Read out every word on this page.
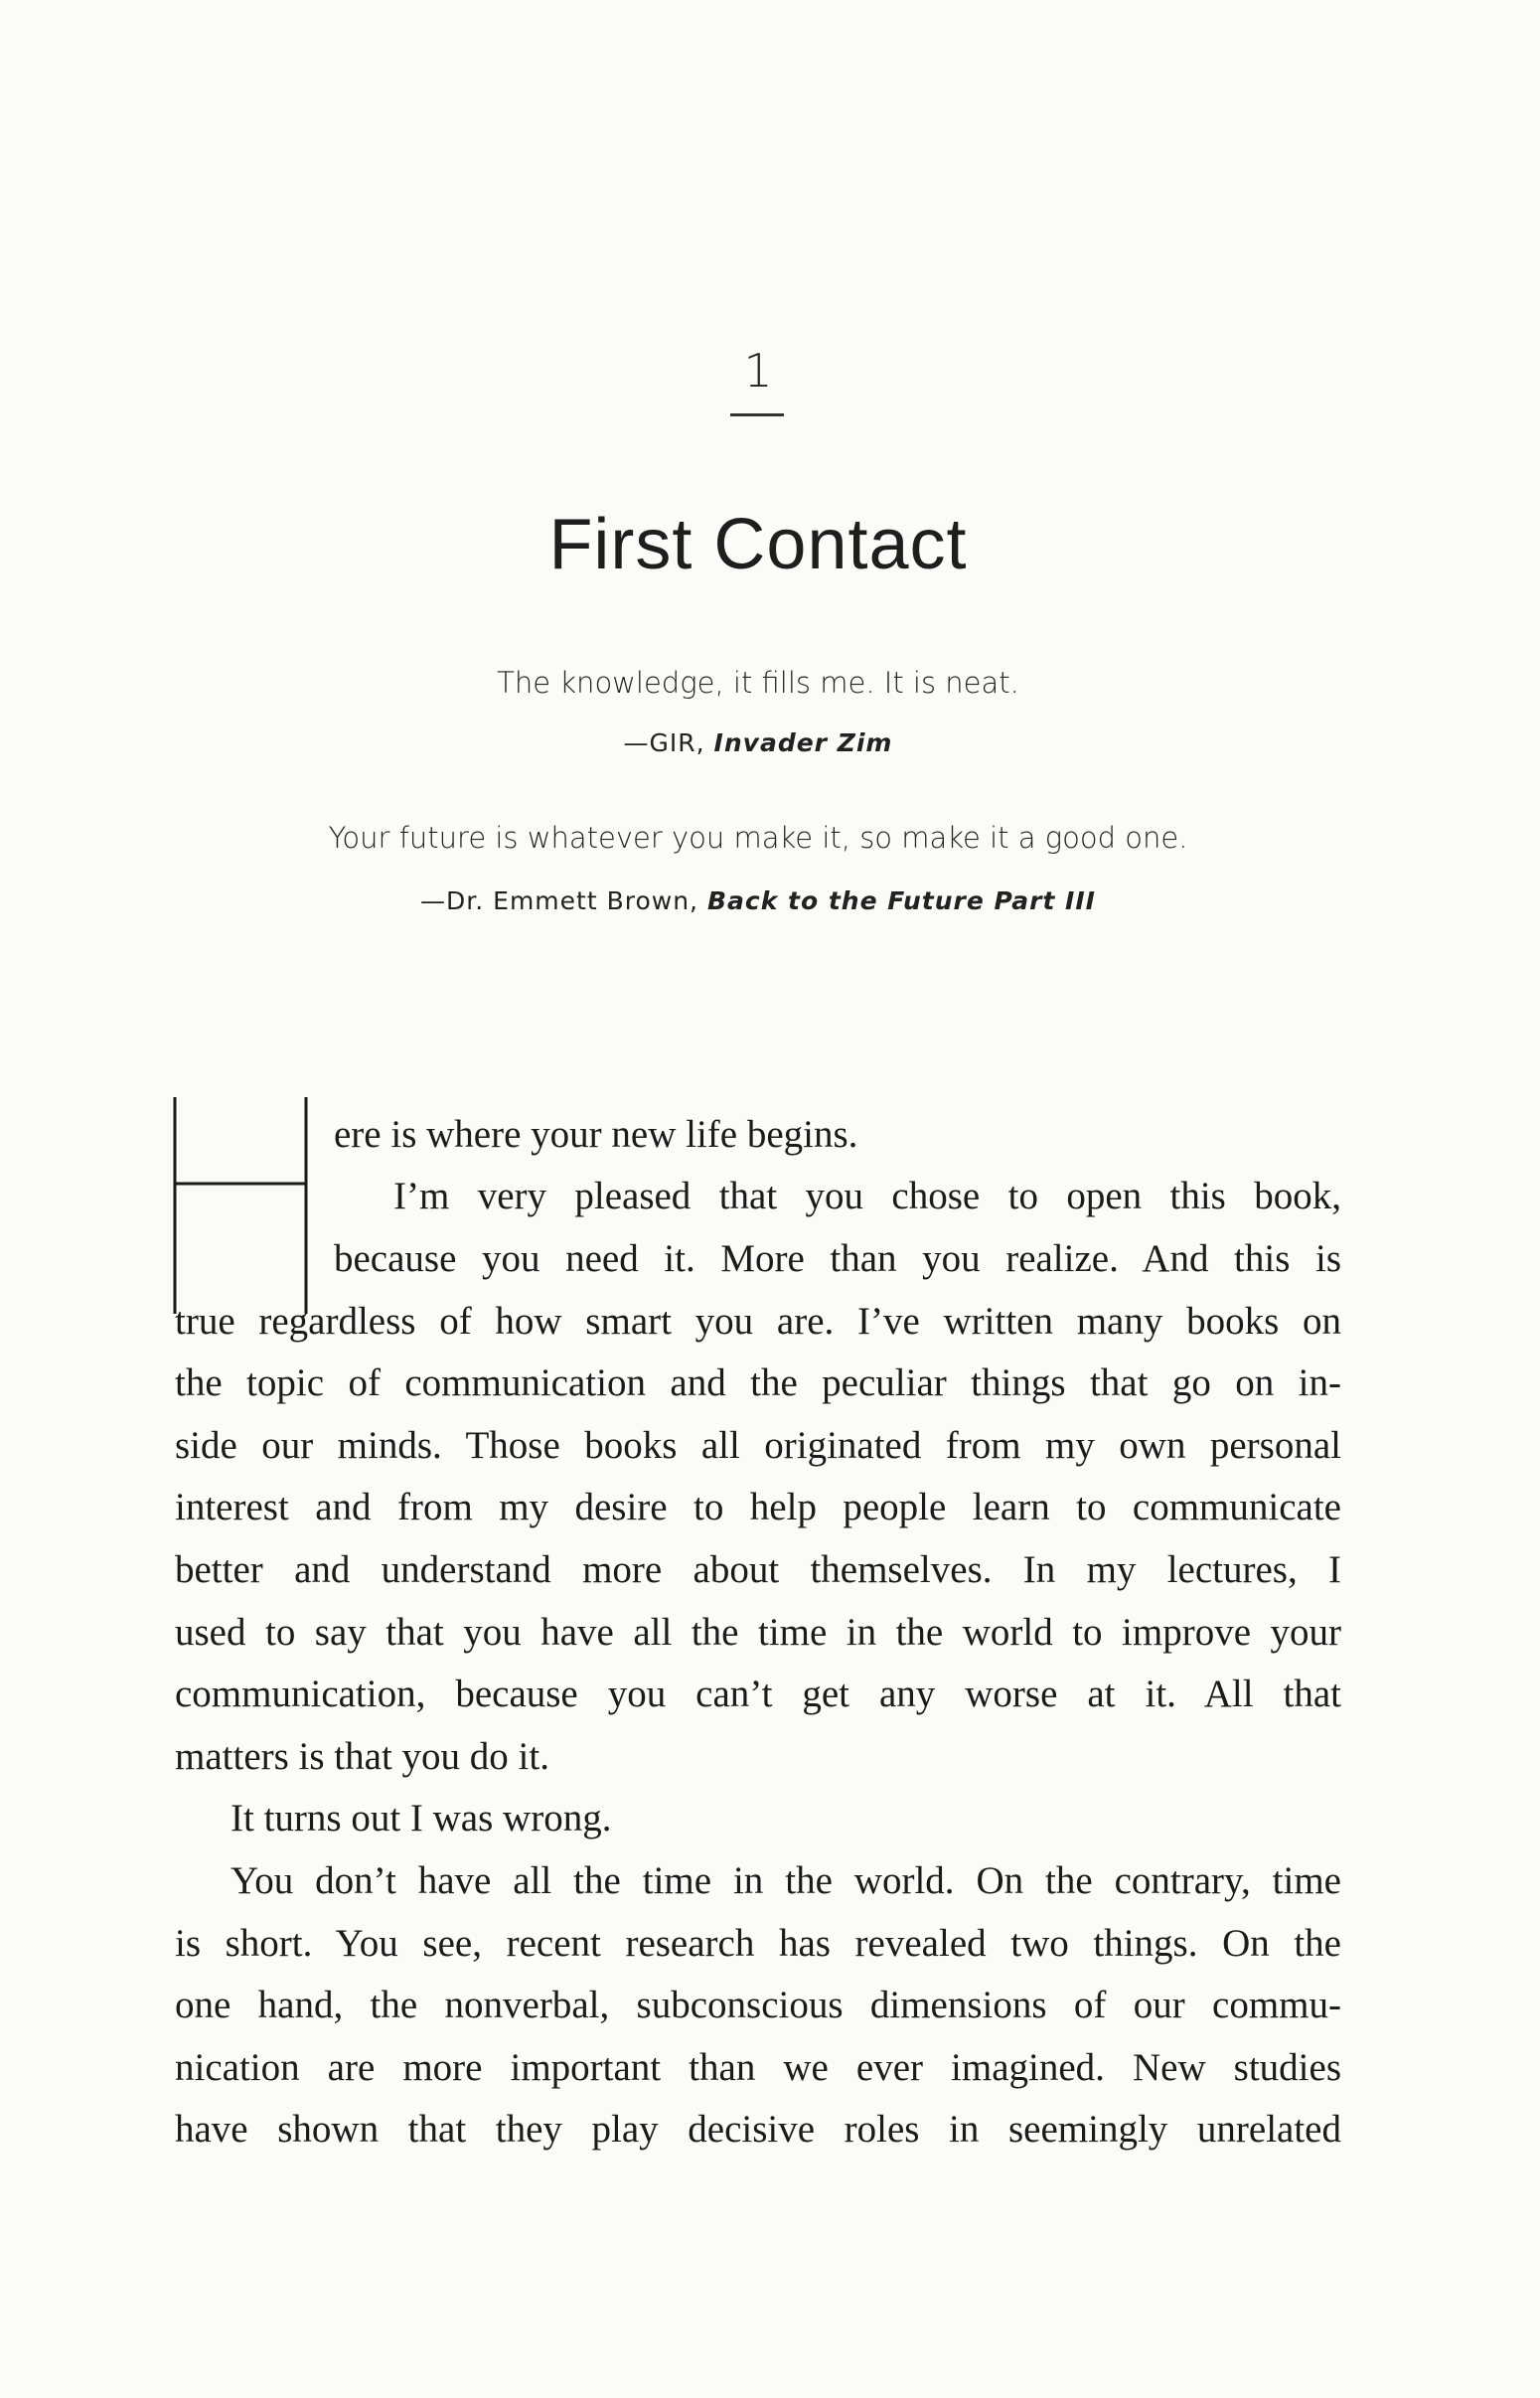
1
First Contact
The knowledge, it fills me. It is neat.
—GIR, Invader Zim
Your future is whatever you make it, so make it a good one.
—Dr. Emmett Brown, Back to the Future Part III
ere is where your new life begins.
I’m very pleased that you chose to open this book,
because you need it. More than you realize. And this is
true regardless of how smart you are. I’ve written many books on
the topic of communication and the peculiar things that go on in-
side our minds. Those books all originated from my own personal
interest and from my desire to help people learn to communicate
better and understand more about themselves. In my lectures, I
used to say that you have all the time in the world to improve your
communication, because you can’t get any worse at it. All that
matters is that you do it.
It turns out I was wrong.
You don’t have all the time in the world. On the contrary, time
is short. You see, recent research has revealed two things. On the
one hand, the nonverbal, subconscious dimensions of our commu-
nication are more important than we ever imagined. New studies
have shown that they play decisive roles in seemingly unrelated
